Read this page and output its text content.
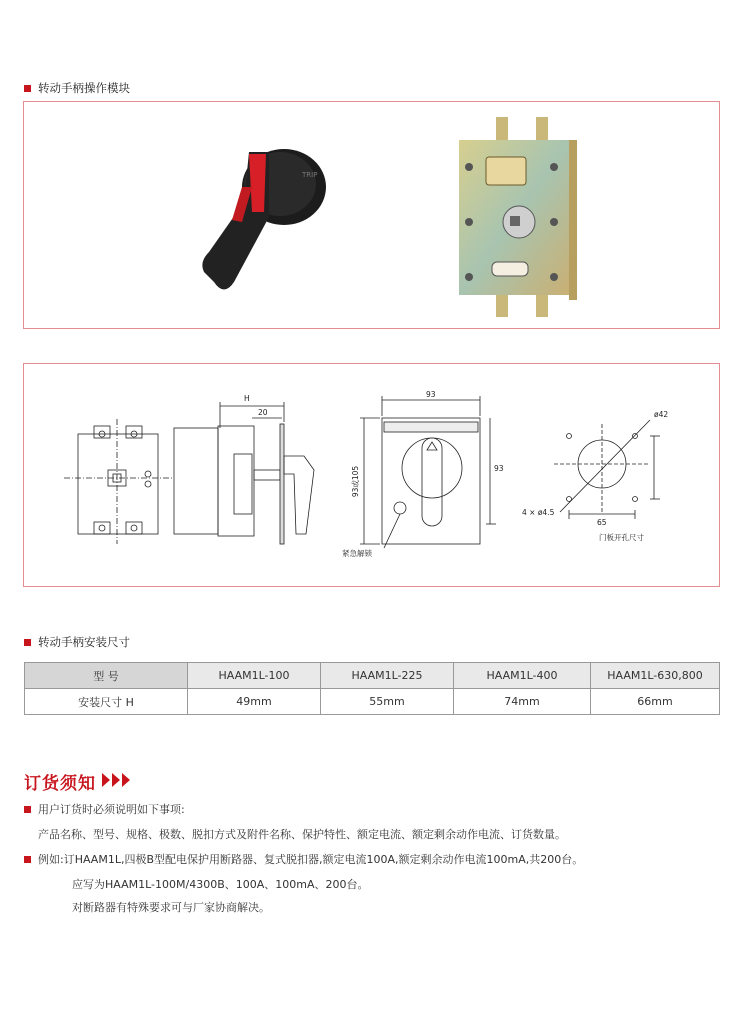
转动手柄操作模块
TRIP
H
20
93
93
93或105
紧急解锁
ø42
4 × ø4.5
65
门板开孔尺寸
转动手柄安装尺寸
型 号	HAAM1L-100	HAAM1L-225	HAAM1L-400	HAAM1L-630,800
安装尺寸 H	49mm	55mm	74mm	66mm
订货须知
用户订货时必须说明如下事项:
产品名称、型号、规格、极数、脱扣方式及附件名称、保护特性、额定电流、额定剩余动作电流、订货数量。
例如:订HAAM1L,四极B型配电保护用断路器、复式脱扣器,额定电流100A,额定剩余动作电流100mA,共200台。
应写为HAAM1L-100M/4300B、100A、100mA、200台。
对断路器有特殊要求可与厂家协商解决。
